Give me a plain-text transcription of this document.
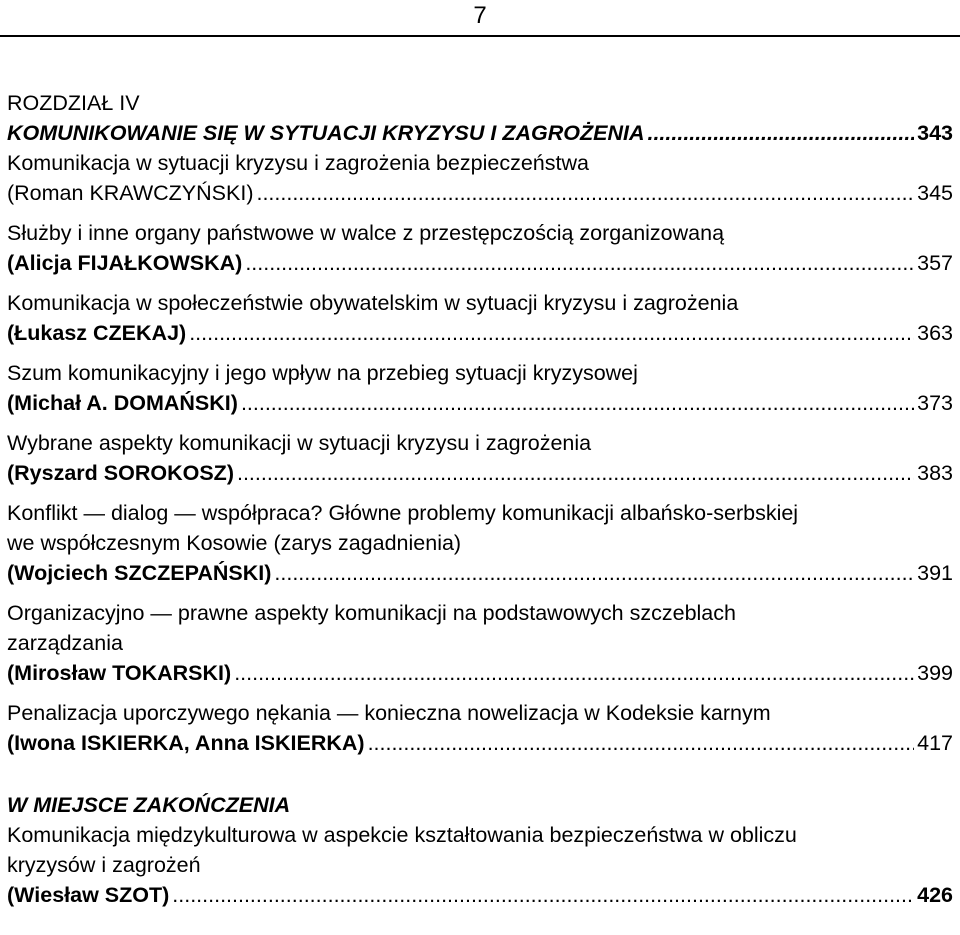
7
ROZDZIAŁ IV
KOMUNIKOWANIE SIĘ W SYTUACJI KRYZYSU I ZAGROŻENIA .....	343
Komunikacja w sytuacji kryzysu i zagrożenia bezpieczeństwa
(Roman KRAWCZYŃSKI) .....	345
Służby i inne organy państwowe w walce z przestępczością zorganizowaną
(Alicja FIJAŁKOWSKA) .....	357
Komunikacja w społeczeństwie obywatelskim w sytuacji kryzysu i zagrożenia
(Łukasz CZEKAJ) .....	363
Szum komunikacyjny i jego wpływ na przebieg sytuacji kryzysowej
(Michał A. DOMAŃSKI) .....	373
Wybrane aspekty komunikacji w sytuacji kryzysu i zagrożenia
(Ryszard SOROKOSZ) .....	383
Konflikt — dialog — współpraca? Główne problemy komunikacji albańsko-serbskiej
we współczesnym Kosowie (zarys zagadnienia)
(Wojciech SZCZEPAŃSKI) .....	391
Organizacyjno — prawne aspekty komunikacji na podstawowych szczeblach
zarządzania
(Mirosław TOKARSKI) .....	399
Penalizacja uporczywego nękania — konieczna nowelizacja w Kodeksie karnym
(Iwona ISKIERKA, Anna ISKIERKA) .....	417
W MIEJSCE ZAKOŃCZENIA
Komunikacja międzykulturowa w aspekcie kształtowania bezpieczeństwa w obliczu
kryzysów i zagrożeń
(Wiesław SZOT) .....	426
